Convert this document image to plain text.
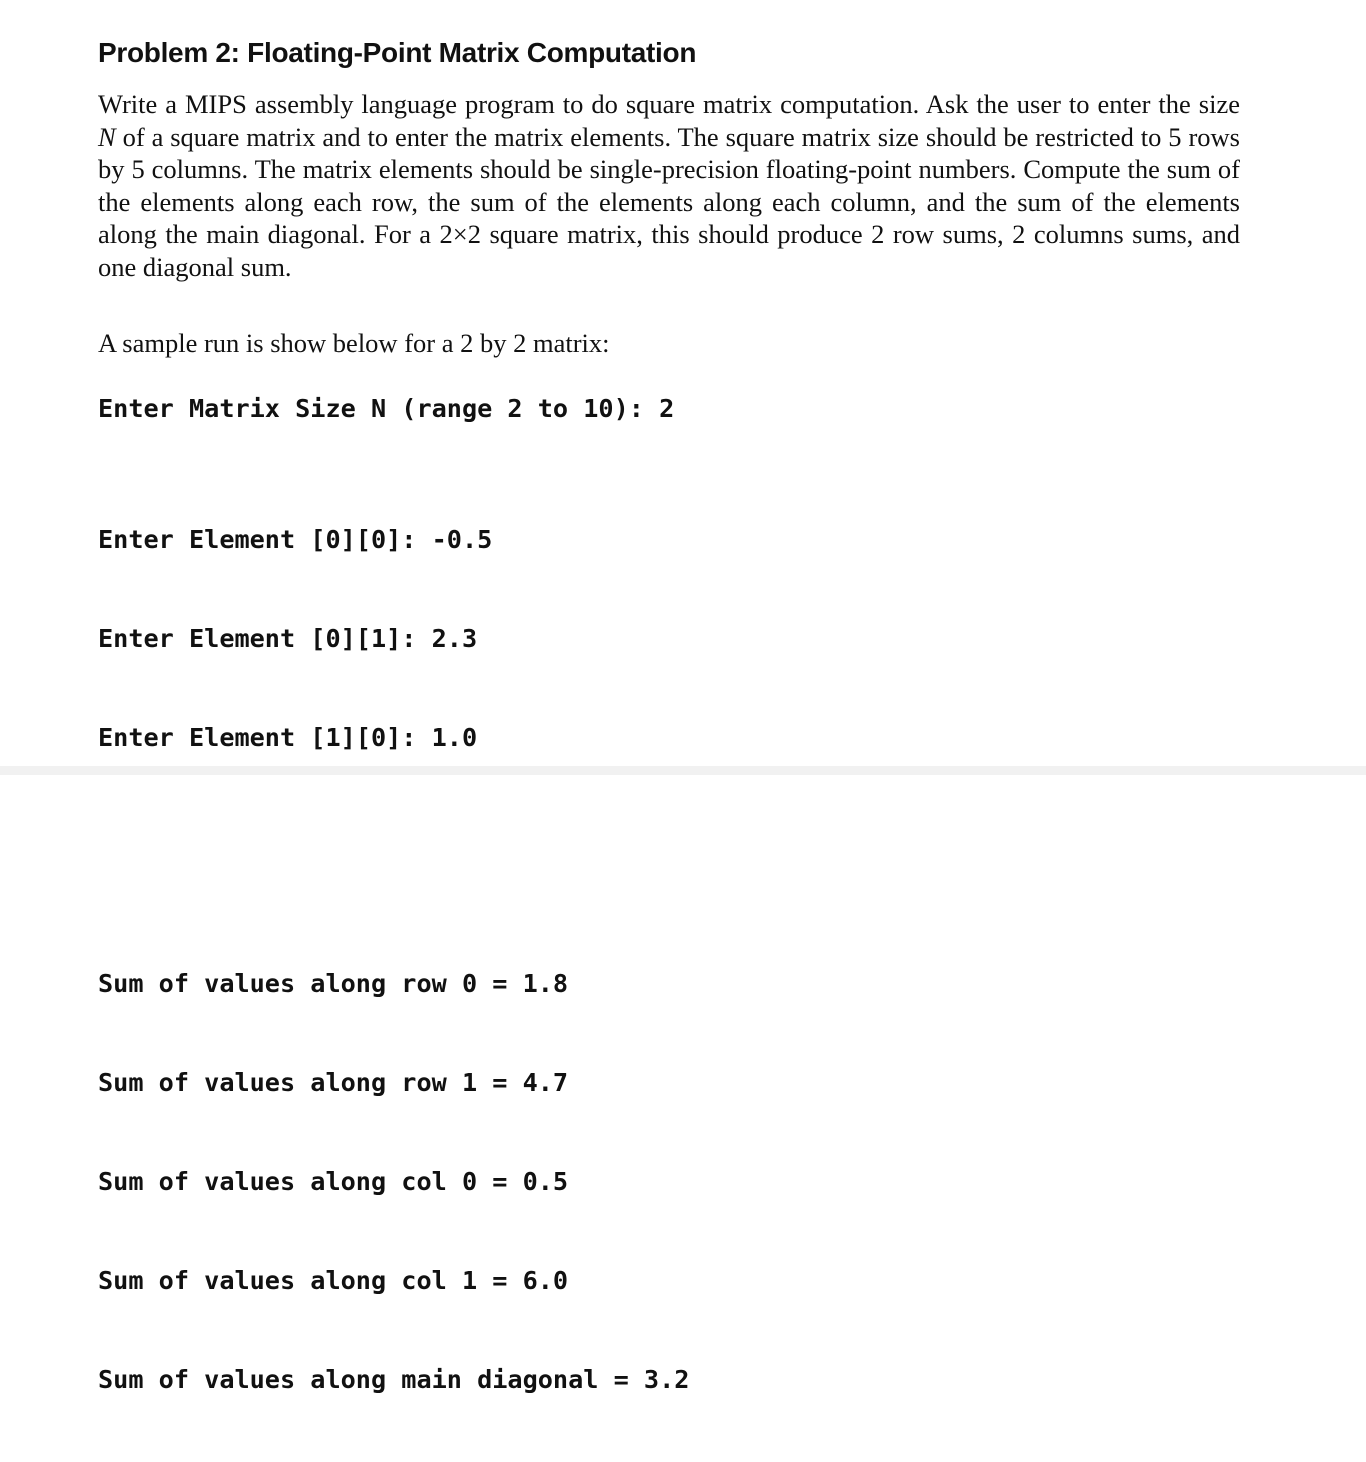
Problem 2: Floating-Point Matrix Computation

Write a MIPS assembly language program to do square matrix computation. Ask the user to enter the size N of a square matrix and to enter the matrix elements. The square matrix size should be restricted to 5 rows by 5 columns. The matrix elements should be single-precision floating-point numbers. Compute the sum of the elements along each row, the sum of the elements along each column, and the sum of the elements along the main diagonal. For a 2×2 square matrix, this should produce 2 row sums, 2 columns sums, and one diagonal sum.

A sample run is show below for a 2 by 2 matrix:

Enter Matrix Size N (range 2 to 10): 2

Enter Element [0][0]: -0.5

Enter Element [0][1]: 2.3

Enter Element [1][0]: 1.0

Sum of values along row 0 = 1.8

Sum of values along row 1 = 4.7

Sum of values along col 0 = 0.5

Sum of values along col 1 = 6.0

Sum of values along main diagonal = 3.2
